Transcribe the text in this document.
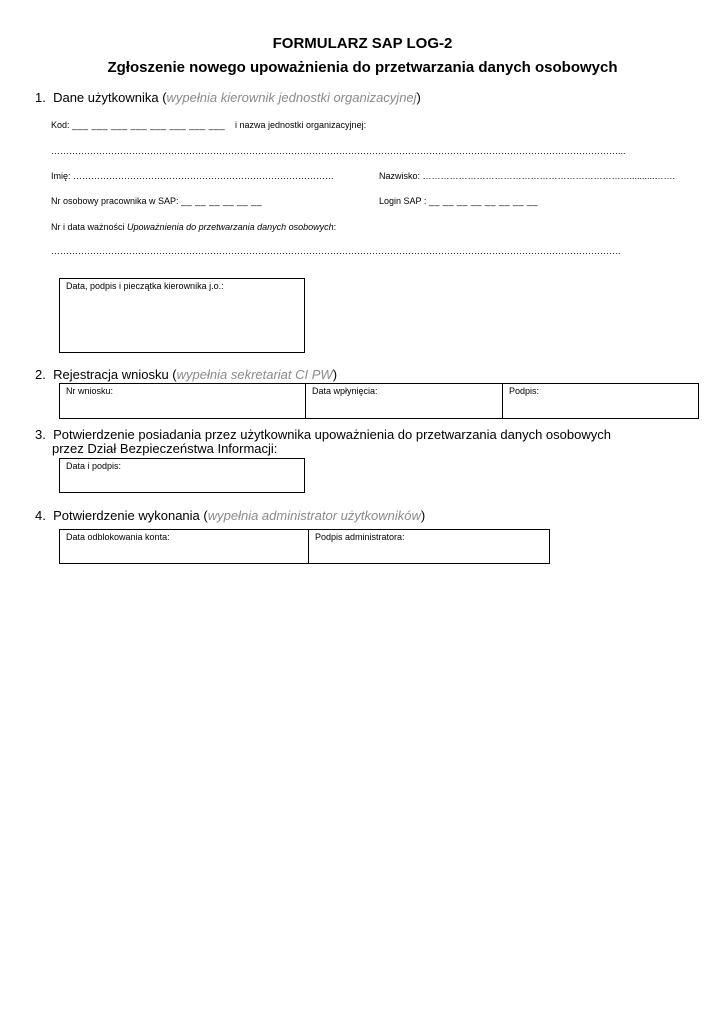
FORMULARZ SAP LOG-2
Zgłoszenie nowego upoważnienia do przetwarzania danych osobowych
1. Dane użytkownika (wypełnia kierownik jednostki organizacyjnej)
Kod: ___ ___ ___ ___ ___ ___ ___ ___ i nazwa jednostki organizacyjnej:
………………………………………………………………………………………………………………………………………………………………………...
Imię: ……………………………………………………………………………	Nazwisko: ……………………………………………………………..........…….
Nr osobowy pracownika w SAP: __ __ __ __ __ __	Login SAP : __ __ __ __ __ __ __ __
Nr i data ważności Upoważnienia do przetwarzania danych osobowych:
……………………………………………………………………………………………………………………………………………………………………….
Data, podpis i pieczątka kierownika j.o.:
2. Rejestracja wniosku (wypełnia sekretariat CI PW)
Nr wniosku:	Data wpłynięcia:	Podpis:
3. Potwierdzenie posiadania przez użytkownika upoważnienia do przetwarzania danych osobowych
przez Dział Bezpieczeństwa Informacji:
Data i podpis:
4. Potwierdzenie wykonania (wypełnia administrator użytkowników)
Data odblokowania konta:	Podpis administratora:
